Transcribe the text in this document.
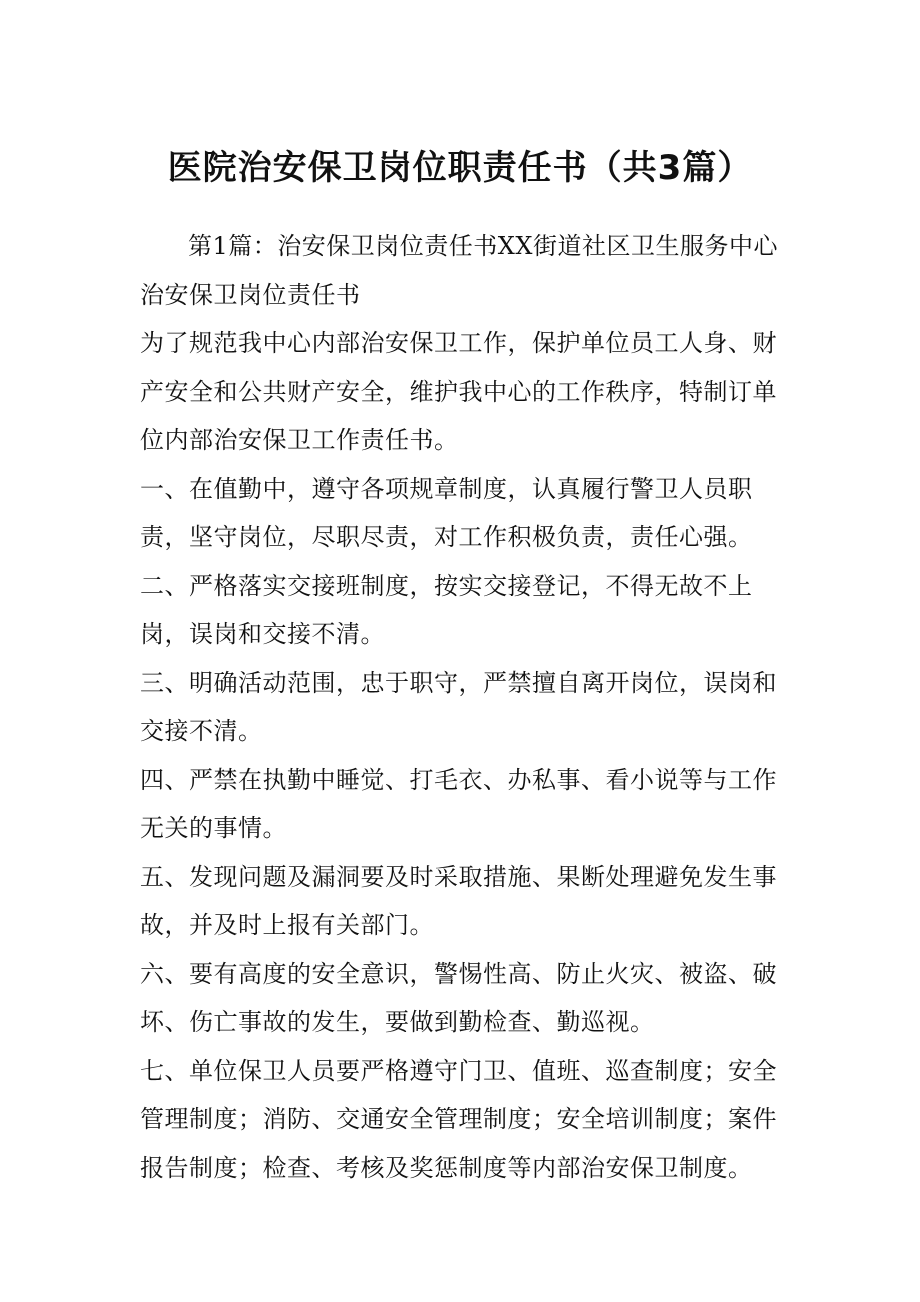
医院治安保卫岗位职责任书（共3篇）

第1篇：治安保卫岗位责任书XX街道社区卫生服务中心 治安保卫岗位责任书

为了规范我中心内部治安保卫工作，保护单位员工人身、财产安全和公共财产安全，维护我中心的工作秩序，特制订单位内部治安保卫工作责任书。

一、在值勤中，遵守各项规章制度，认真履行警卫人员职责，坚守岗位，尽职尽责，对工作积极负责，责任心强。

二、严格落实交接班制度，按实交接登记，不得无故不上岗，误岗和交接不清。

三、明确活动范围，忠于职守，严禁擅自离开岗位，误岗和交接不清。

四、严禁在执勤中睡觉、打毛衣、办私事、看小说等与工作无关的事情。

五、发现问题及漏洞要及时采取措施、果断处理避免发生事故，并及时上报有关部门。

六、要有高度的安全意识，警惕性高、防止火灾、被盗、破坏、伤亡事故的发生，要做到勤检查、勤巡视。

七、单位保卫人员要严格遵守门卫、值班、巡查制度；安全管理制度；消防、交通安全管理制度；安全培训制度；案件报告制度；检查、考核及奖惩制度等内部治安保卫制度。
